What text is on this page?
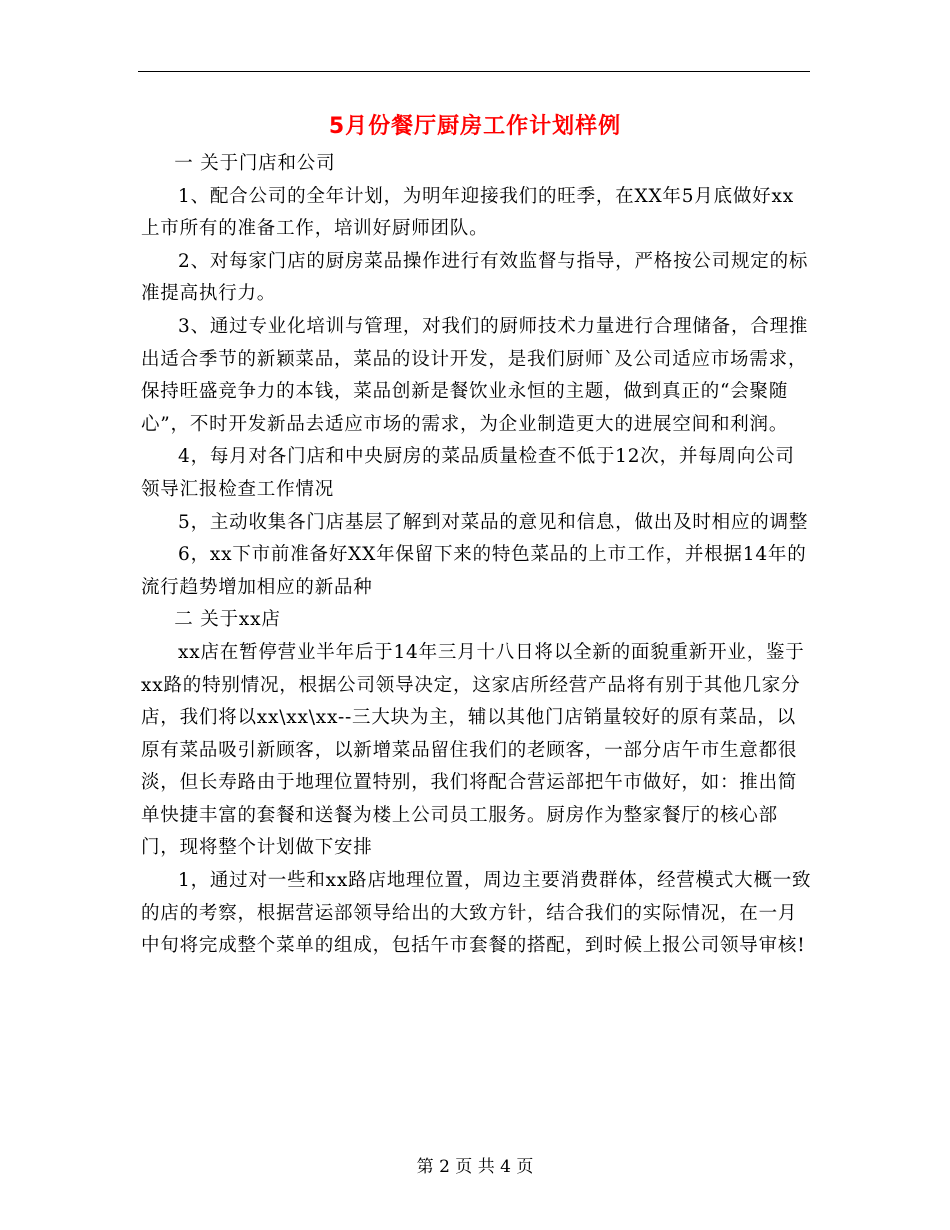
5月份餐厅厨房工作计划样例

一 关于门店和公司

1、配合公司的全年计划，为明年迎接我们的旺季，在XX年5月底做好xx上市所有的准备工作，培训好厨师团队。

2、对每家门店的厨房菜品操作进行有效监督与指导，严格按公司规定的标准提高执行力。

3、通过专业化培训与管理，对我们的厨师技术力量进行合理储备，合理推出适合季节的新颖菜品，菜品的设计开发，是我们厨师`及公司适应市场需求，保持旺盛竞争力的本钱，菜品创新是餐饮业永恒的主题，做到真正的“会聚随心”，不时开发新品去适应市场的需求，为企业制造更大的进展空间和利润。

4，每月对各门店和中央厨房的菜品质量检查不低于12次，并每周向公司领导汇报检查工作情况

5，主动收集各门店基层了解到对菜品的意见和信息，做出及时相应的调整

6，xx下市前准备好XX年保留下来的特色菜品的上市工作，并根据14年的流行趋势增加相应的新品种

二 关于xx店

xx店在暂停营业半年后于14年三月十八日将以全新的面貌重新开业，鉴于xx路的特别情况，根据公司领导决定，这家店所经营产品将有别于其他几家分店，我们将以xx\xx\xx--三大块为主，辅以其他门店销量较好的原有菜品，以原有菜品吸引新顾客，以新增菜品留住我们的老顾客，一部分店午市生意都很淡，但长寿路由于地理位置特别，我们将配合营运部把午市做好，如：推出简单快捷丰富的套餐和送餐为楼上公司员工服务。厨房作为整家餐厅的核心部门，现将整个计划做下安排

1，通过对一些和xx路店地理位置，周边主要消费群体，经营模式大概一致的店的考察，根据营运部领导给出的大致方针，结合我们的实际情况，在一月中旬将完成整个菜单的组成，包括午市套餐的搭配，到时候上报公司领导审核!

第 2 页 共 4 页
